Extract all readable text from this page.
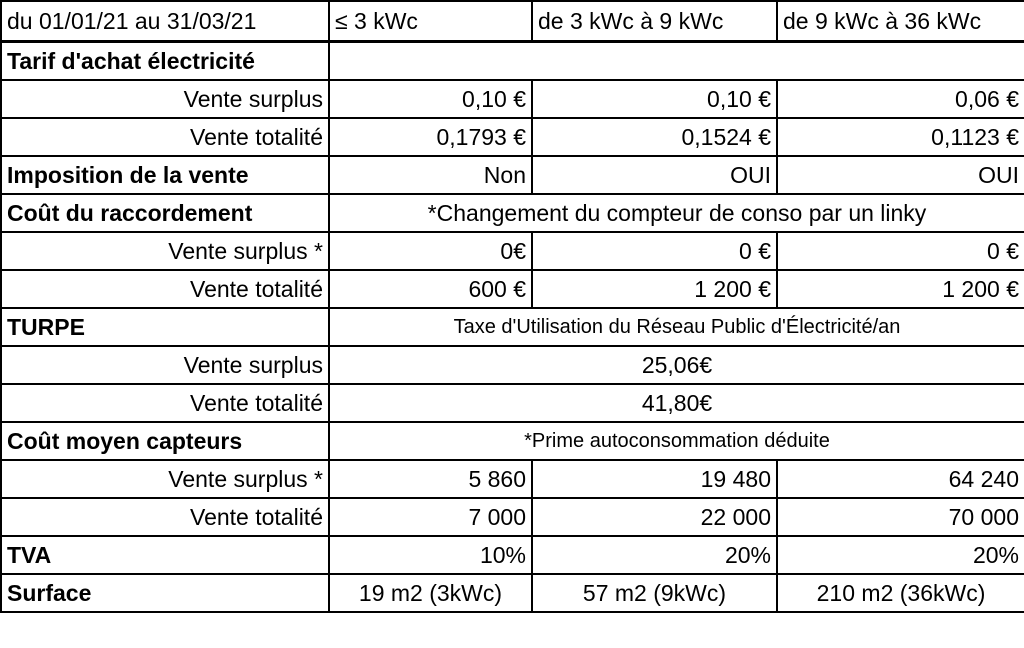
du 01/01/21 au 31/03/21	≤ 3 kWc	de 3 kWc à 9 kWc	de 9 kWc à 36 kWc
Tarif d'achat électricité			
Vente surplus	0,10 €	0,10 €	0,06 €
Vente totalité	0,1793 €	0,1524 €	0,1123 €
Imposition de la vente	Non	OUI	OUI
Coût du raccordement	*Changement du compteur de conso par un linky		
Vente surplus *	0€	0 €	0 €
Vente totalité	600 €	1 200 €	1 200 €
TURPE	Taxe d'Utilisation du Réseau Public d'Électricité/an		
Vente surplus	25,06€		
Vente totalité	41,80€		
Coût moyen capteurs	*Prime autoconsommation déduite		
Vente surplus *	5 860	19 480	64 240
Vente totalité	7 000	22 000	70 000
TVA	10%	20%	20%
Surface	19 m2 (3kWc)	57 m2 (9kWc)	210 m2 (36kWc)
